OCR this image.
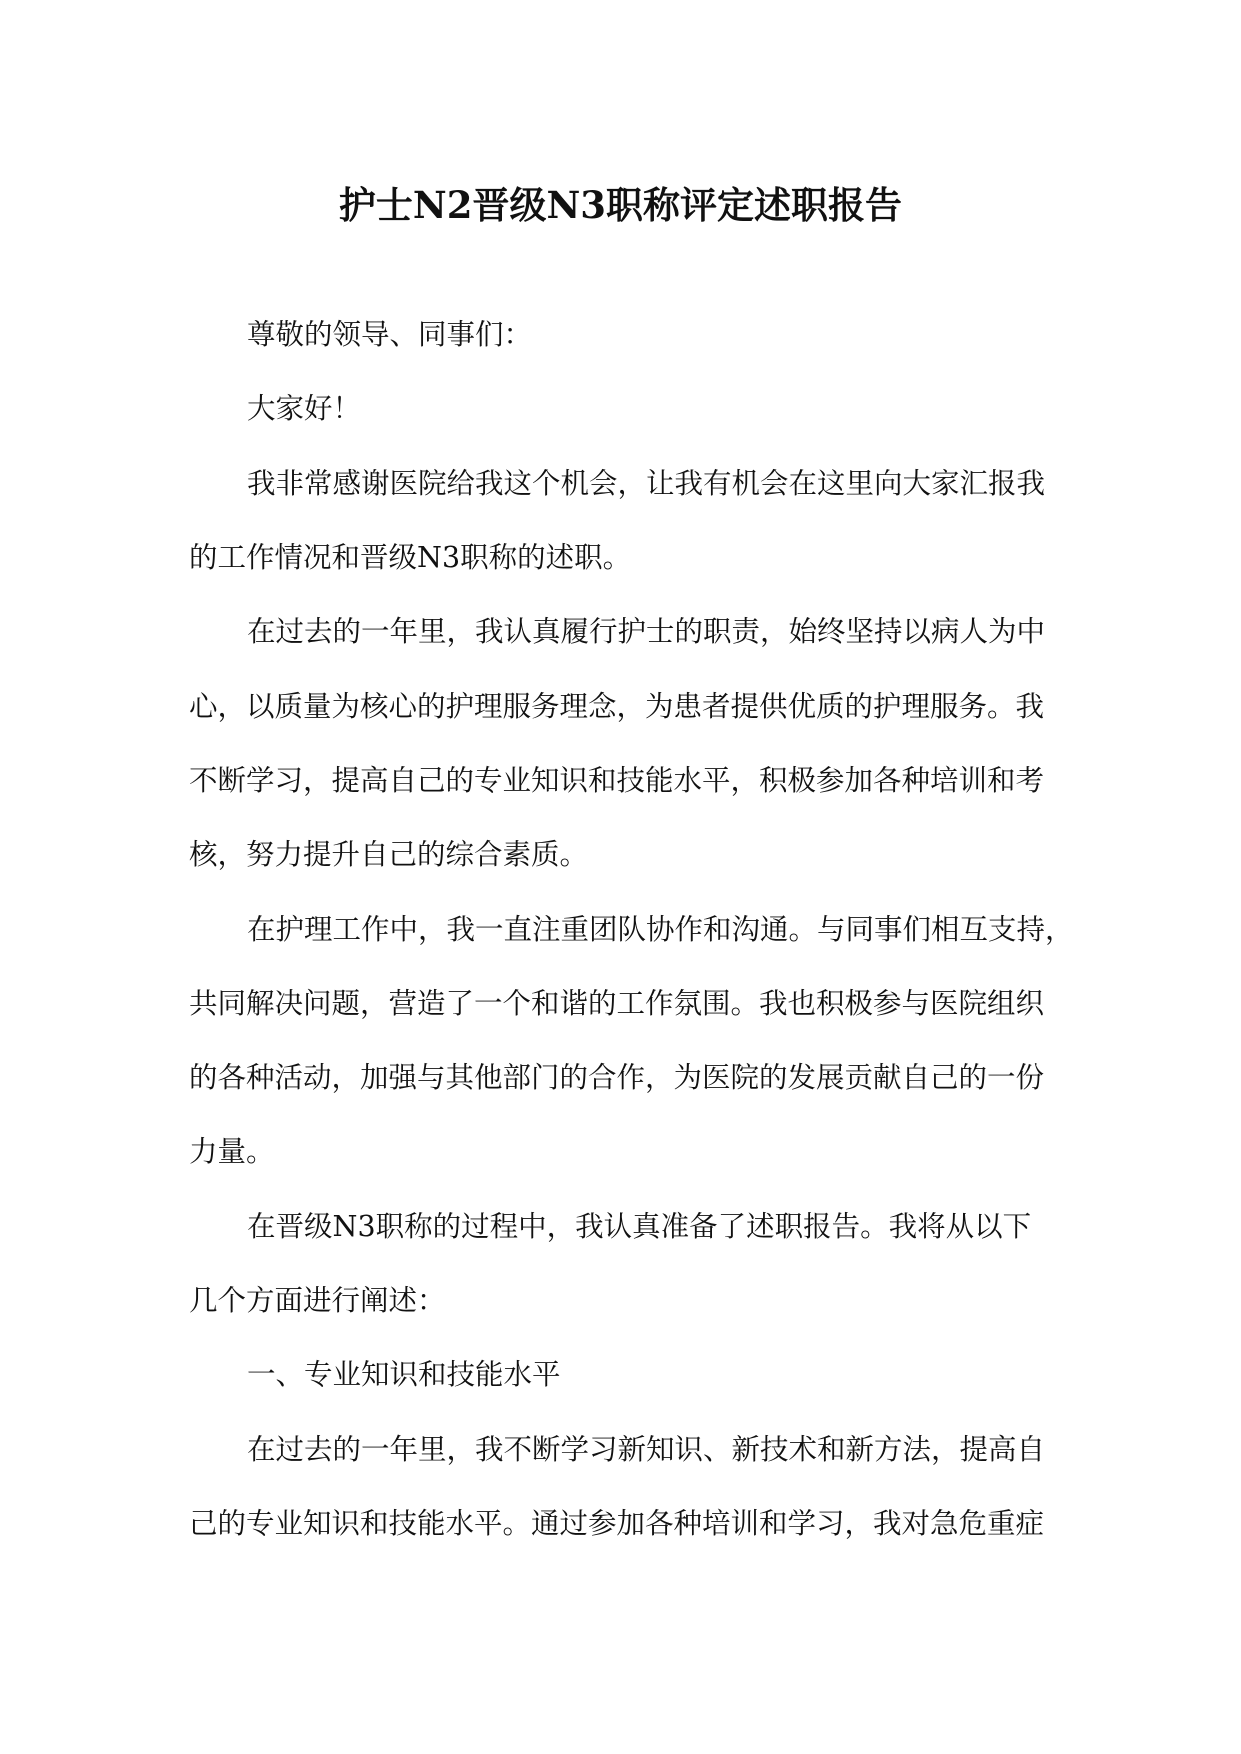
护士N2晋级N3职称评定述职报告
尊敬的领导、同事们：
大家好！
我非常感谢医院给我这个机会，让我有机会在这里向大家汇报我
的工作情况和晋级N3职称的述职。
在过去的一年里，我认真履行护士的职责，始终坚持以病人为中
心，以质量为核心的护理服务理念，为患者提供优质的护理服务。我
不断学习，提高自己的专业知识和技能水平，积极参加各种培训和考
核，努力提升自己的综合素质。
在护理工作中，我一直注重团队协作和沟通。与同事们相互支持，
共同解决问题，营造了一个和谐的工作氛围。我也积极参与医院组织
的各种活动，加强与其他部门的合作，为医院的发展贡献自己的一份
力量。
在晋级N3职称的过程中，我认真准备了述职报告。我将从以下
几个方面进行阐述：
一、专业知识和技能水平
在过去的一年里，我不断学习新知识、新技术和新方法，提高自
己的专业知识和技能水平。通过参加各种培训和学习，我对急危重症
